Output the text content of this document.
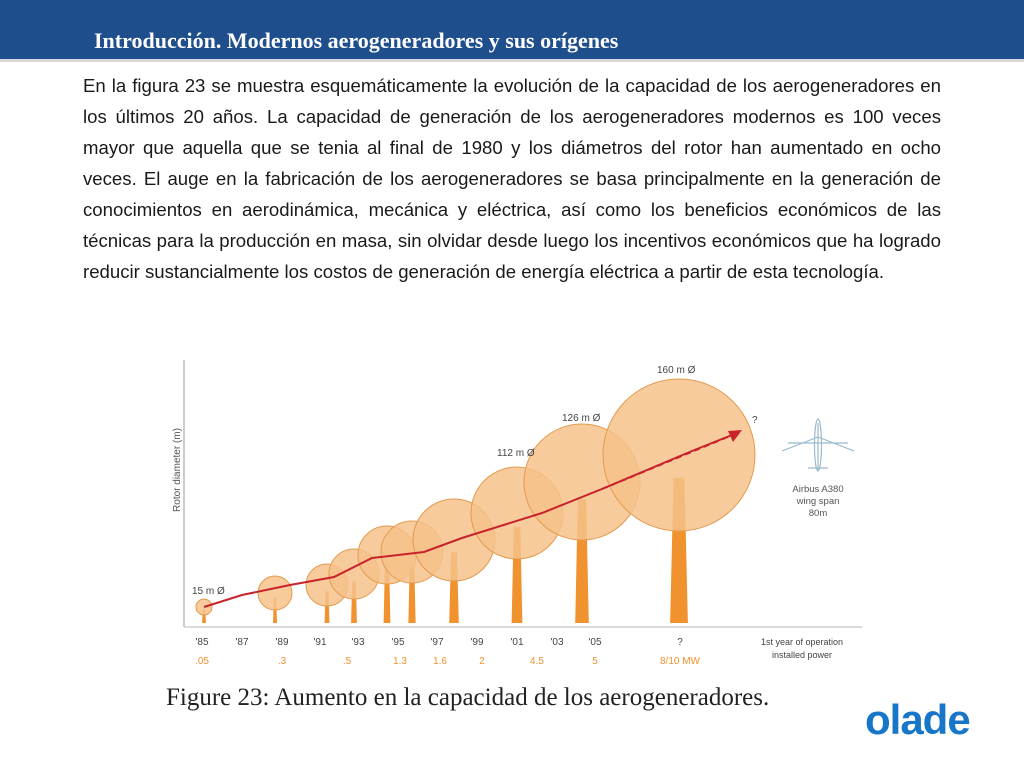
Introducción. Modernos aerogeneradores y sus orígenes
En la figura 23 se muestra esquemáticamente la evolución de la capacidad de los aerogeneradores en los últimos 20 años. La capacidad de generación de los aerogeneradores modernos es 100 veces mayor que aquella que se tenia al final de 1980 y los diámetros del rotor han aumentado en ocho veces. El auge en la fabricación de los aerogeneradores se basa principalmente en la generación de conocimientos en aerodinámica, mecánica y eléctrica, así como los beneficios económicos de las técnicas para la producción en masa, sin olvidar desde luego los incentivos económicos que ha logrado reducir sustancialmente los costos de generación de energía eléctrica a partir de esta tecnología.
Rotor diameter (m)
15 m Ø
112 m Ø
126 m Ø
160 m Ø
?
Airbus A380
wing span
80m
'85	'87	'89 '91 '93	'95	'97	'99	'01	'03 '05	?
.05	.3	.5	1.3	1.6	2	4.5	5	8/10 MW
1st year of operation
installed power
Figure 23: Aumento en la capacidad de los aerogeneradores. olade
